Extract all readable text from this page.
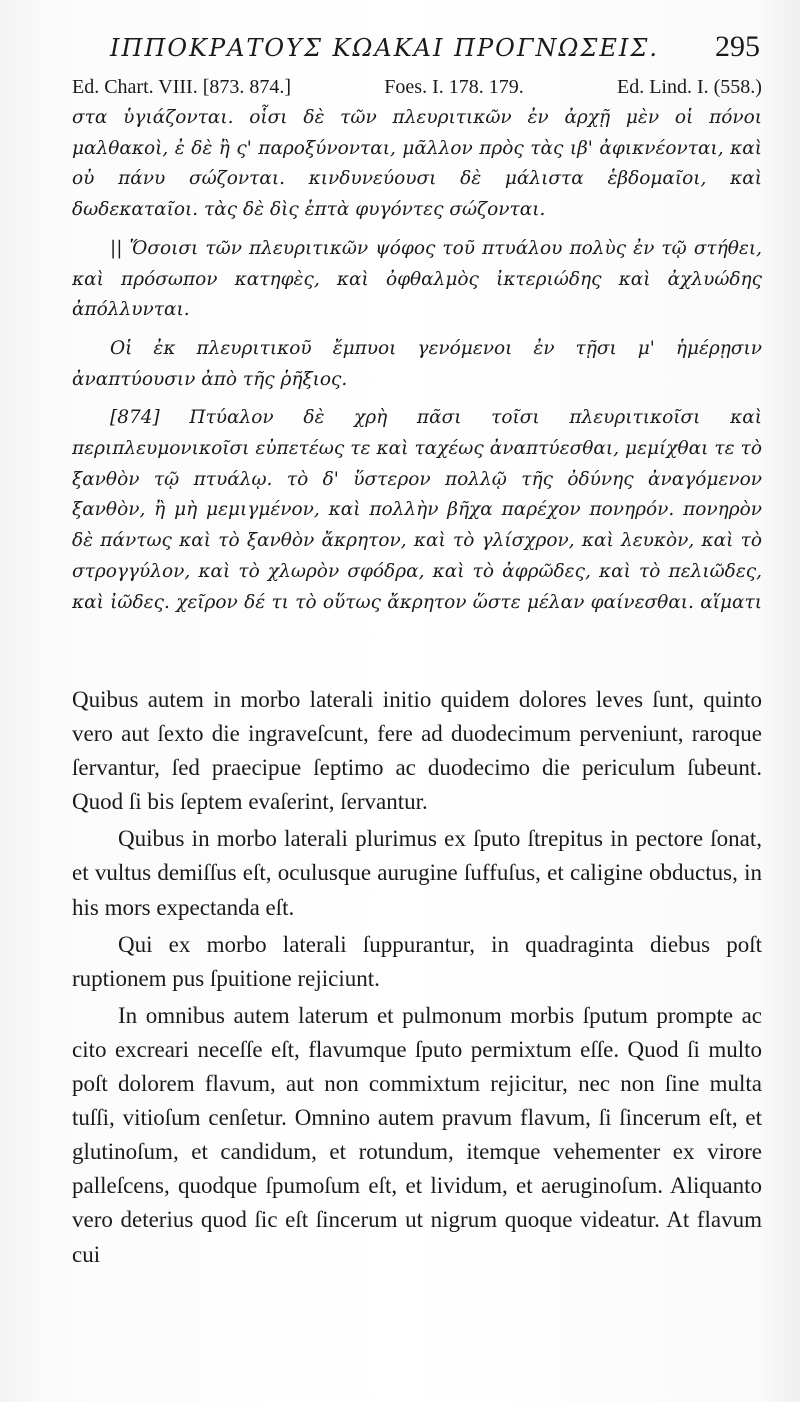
ΙΠΠΟΚΡΑΤΟΥΣ ΚΩΑΚΑΙ ΠΡΟΓΝΩΣΕΙΣ. 295
Ed. Chart. VIII. [873. 874.]	Foes. I. 178. 179.	Ed. Lind. I. (558.)

στα ὑγιάζονται. οἷσι δὲ τῶν πλευριτικῶν ἐν ἀρχῇ μὲν οἱ πόνοι μαλθακοὶ, ἐ δὲ ἢ ς' παροξύνονται, μᾶλλον πρὸς τὰς ιβ' ἀφικνέονται, καὶ οὐ πάνυ σώζονται. κινδυνεύουσι δὲ μάλιστα ἑβδομαῖοι, καὶ δωδεκαταῖοι. τὰς δὲ δὶς ἑπτὰ φυγόντες σώζονται.

|| Ὅσοισι τῶν πλευριτικῶν ψόφος τοῦ πτυάλου πολὺς ἐν τῷ στήθει, καὶ πρόσωπον κατηφὲς, καὶ ὀφθαλμὸς ἰκτεριώδης καὶ ἀχλυώδης ἀπόλλυνται.

Οἱ ἐκ πλευριτικοῦ ἔμπυοι γενόμενοι ἐν τῇσι μ' ἡμέρῃσιν ἀναπτύουσιν ἀπὸ τῆς ῥῆξιος.

[874] Πτύαλον δὲ χρὴ πᾶσι τοῖσι πλευριτικοῖσι καὶ περιπλευμονικοῖσι εὐπετέως τε καὶ ταχέως ἀναπτύεσθαι, μεμίχθαι τε τὸ ξανθὸν τῷ πτυάλῳ. τὸ δ' ὕστερον πολλῷ τῆς ὀδύνης ἀναγόμενον ξανθὸν, ἢ μὴ μεμιγμένον, καὶ πολλὴν βῆχα παρέχον πονηρόν. πονηρὸν δὲ πάντως καὶ τὸ ξανθὸν ἄκρητον, καὶ τὸ γλίσχρον, καὶ λευκὸν, καὶ τὸ στρογγύλον, καὶ τὸ χλωρὸν σφόδρα, καὶ τὸ ἀφρῶδες, καὶ τὸ πελιῶδες, καὶ ἰῶδες. χεῖρον δέ τι τὸ οὕτως ἄκρητον ὥστε μέλαν φαίνεσθαι. αἵματι

Quibus autem in morbo laterali initio quidem dolores leves ſunt, quinto vero aut ſexto die ingraveſcunt, fere ad duodecimum perveniunt, raroque ſervantur, ſed praecipue ſeptimo ac duodecimo die periculum ſubeunt. Quod ſi bis ſeptem evaſerint, ſervantur.

Quibus in morbo laterali plurimus ex ſputo ſtrepitus in pectore ſonat, et vultus demiſſus eſt, oculusque aurugine ſuffuſus, et caligine obductus, in his mors expectanda eſt.

Qui ex morbo laterali ſuppurantur, in quadraginta diebus poſt ruptionem pus ſpuitione rejiciunt.

In omnibus autem laterum et pulmonum morbis ſputum prompte ac cito excreari neceſſe eſt, flavumque ſputo permixtum eſſe. Quod ſi multo poſt dolorem flavum, aut non commixtum rejicitur, nec non ſine multa tuſſi, vitioſum cenſetur. Omnino autem pravum flavum, ſi ſincerum eſt, et glutinoſum, et candidum, et rotundum, itemque vehementer ex virore palleſcens, quodque ſpumoſum eſt, et lividum, et aeruginoſum. Aliquanto vero deterius quod ſic eſt ſincerum ut nigrum quoque videatur. At flavum cui
